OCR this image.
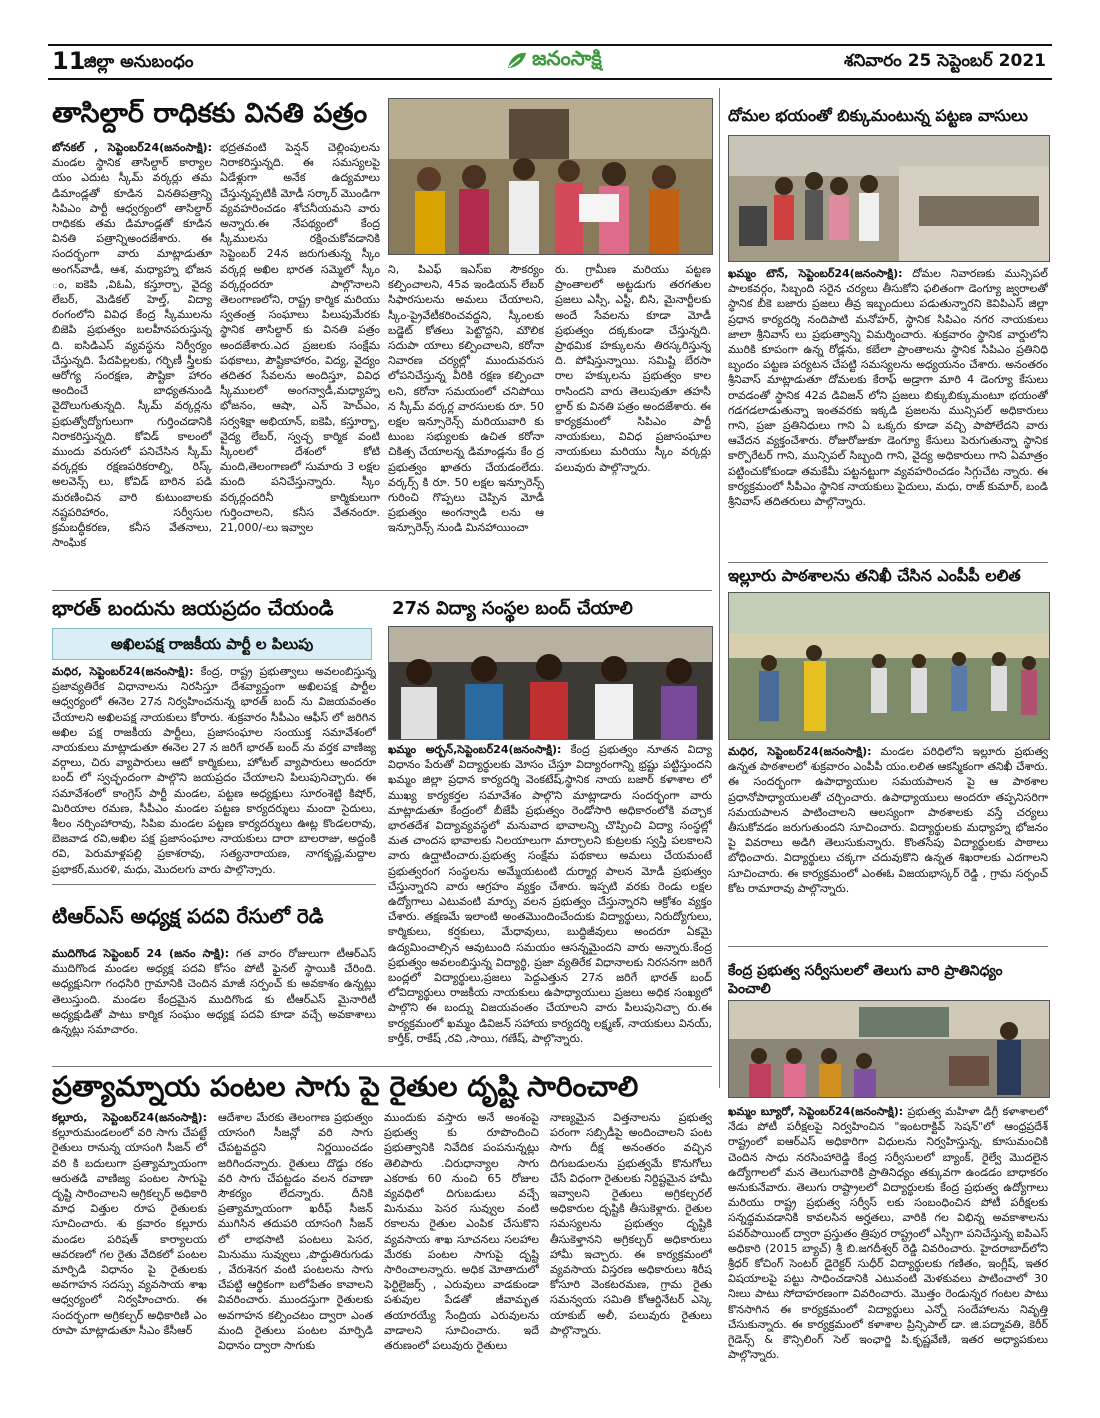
11
జిల్లా అనుబంధం	జనంసాక్షి	శనివారం 25 సెప్టెంబర్ 2021
తాసిల్దార్ రాధికకు వినతి పత్రం
బోనకల్ , సెప్టెంబర్24(జనంసాక్షి): మండల స్థానిక తాసిల్దార్ కార్యాల యం ఎదుట స్కీమ్ వర్కర్లు తమ డిమాండ్లతో కూడిన వినతిపత్రాన్ని సిపిఎం పార్టీ ఆధ్వర్యంలో తాసిల్దార్ రాధికకు తమ డిమాండ్లతో కూడిన వినతి పత్రాన్నిఅందజేశారు. ఈ సందర్భంగా వారు మాట్లాడుతూ అంగన్‌వాడీ, ఆశ, మధ్యాహ్న భోజన ం, ఐకెపి ,విఓఏ, కస్తూర్బా, వైద్య లేబర్, మెడికల్ హెల్త్, విద్యా రంగంలోని వివిధ కేంద్ర స్కీములను బిజెపి ప్రభుత్వం బలహీనపరుస్తున్న ది. ఐసిడిఎస్ వ్యవస్థను నిర్వీర్యం చేస్తున్నది. పేదపిల్లలకు, గర్భిణీ స్త్రీలకు ఆరోగ్య సంరక్షణ, పౌష్టికా హారం అందించే బాధ్యతనుండి వైదొలుగుతున్నది. స్కీమ్ వర్కర్లను ప్రభుత్వోద్యోగులుగా గుర్తించడానికి నిరాకరిస్తున్నది. కోవిడ్ కాలంలో ముందు వరుసలో పనిచేసిన స్కీమ్ వర్కర్లకు రక్షణపరికరాల్ని, రిస్క్ అలవెన్స్ లు, కోవిడ్ బారిన పడి మరణించిన వారి కుటుంబాలకు నష్టపరిహారం, సర్వీసుల క్రమబద్ధీకరణ, కనీస వేతనాలు, సాంఘిక
భద్రతవంటి పెన్షన్ చెల్లింపులను నిరాకరిస్తున్నది. ఈ సమస్యలపై ఏడేళ్లుగా అనేక ఉద్యమాలు చేస్తున్నప్పటికీ మోడీ సర్కార్ మొండిగా వ్యవహరించడం శోచనీయమని వారు అన్నారు.ఈ నేపథ్యంలో కేంద్ర స్కీములను రక్షించుకోవడానికి సెప్టెంబర్ 24న జరుగుతున్న స్కీం వర్కర్ల అఖిల భారత సమ్మెలో స్కీం వర్కర్లందరూ పాల్గొనాలని తెలంగాణలోని, రాష్ట్ర కార్మిక మరియు స్వతంత్ర సంఘాలు పిలుపుమేరకు స్థానిక తాసిల్దార్ కు వినతి పత్రం అందజేశారు.ఎద ప్రజలకు సంక్షేమ పథకాలు, పౌష్టికాహారం, విద్య, వైద్యం తదితర సేవలను అందిస్తూ, వివిధ స్కీములలో అంగన్వాడీ,మధ్యాహ్న భోజనం, ఆషా, ఎన్ హెచ్ఎం, సర్వశిక్షా అభియాన్, ఐకెపి, కస్తూర్బా, వైద్య లేబర్, స్వచ్ఛ కార్మిక వంటి స్కీంలలో దేశంలో కోటి మంది,తెలంగాణలో సుమారు 3 లక్షల మంది పనిచేస్తున్నారు. స్కీం వర్కర్లందరినీ కార్మికులుగా గుర్తించాలని, కనీస వేతనంరూ. 21,000/-లు ఇవ్వాల
ని, పిఎఫ్ ఇఎస్ఐ సౌకర్యం కల్పించాలని, 45వ ఇండియన్ లేబర్ సిఫారసులను అమలు చేయాలని, స్కీం-ప్రైవేటీకరించవద్దని, స్కీంలకు బడ్జెట్ కోతలు పెట్టొద్దని, మౌలిక సదుపా యాలు కల్పించాలని, కరోనా నివారణ చర్యల్లో ముందువరుస లోపనిచేస్తున్న వీరికి రక్షణ కల్పించా లని, కరోనా సమయంలో చనిపోయి న స్కీమ్ వర్కర్ల వారసులకు రూ. 50 లక్షల ఇన్సూరెన్స్ మరియువారి కు టుంబ సభ్యులకు ఉచిత కరోనా చికిత్స చేయాలన్న డిమాండ్లను కేం ద్ర ప్రభుత్వం ఖాతరు చేయడంలేదు. వర్కర్స్ కి రూ. 50 లక్షల ఇన్సూరెన్స్ గురించి గొప్పలు చెప్పిన మోడీ ప్రభుత్వం అంగన్వాడి లను ఆ ఇన్సూరెన్స్ నుండి మినహాయించా
రు. గ్రామీణ మరియు పట్టణ ప్రాంతాలలో అట్టడుగు తరగతుల ప్రజలు ఎస్సీ, ఎస్టీ, బిసి, మైనార్టీలకు అందే సేవలను కూడా మోడీ ప్రభుత్వం దక్కకుండా చేస్తున్నది. ప్రాథమిక హక్కులను తిరస్కరిస్తున్న ది. పోషిస్తున్నాయి. సమిష్టి బేరసా రాల హక్కులను ప్రభుత్వం కాల రాసిందని వారు తెలుపుతూ తహసీ ల్దార్ కు వినతి పత్రం అందజేశారు. ఈ కార్యక్రమంలో సిపిఎం పార్టీ నాయకులు, వివిధ ప్రజాసంఘాల నాయకులు మరియు స్కీం వర్కర్లు పలువురు పాల్గొన్నారు.
దోమల భయంతో బిక్కుమంటున్న పట్టణ వాసులు
ఖమ్మం టౌన్, సెప్టెంబర్24(జనంసాక్షి): దోమల నివారణకు మున్సిపల్ పాలకవర్గం, సిబ్బంది సరైన చర్యలు తీసుకోని ఫలితంగా డెంగ్యూ జ్వరాలతో స్థానిక బీకె బజారు ప్రజలు తీవ్ర ఇబ్బందులు పడుతున్నారని కెవిపిఎస్ జిల్లా ప్రధాన కార్యదర్శి నందిపాటి మనోహర్, స్థానిక సిపిఎం నగర నాయకులు జాలా శ్రీనివాస్ లు ప్రభుత్వాన్ని విమర్శించారు. శుక్రవారం స్థానిక వార్డులోని మురికి కూపంగా ఉన్న రోడ్లను, కబేలా ప్రాంతాలను స్థానిక సిపిఎం ప్రతినిధి బృందం పట్టణ పర్యటన చేపట్టి సమస్యలను అధ్యయనం చేశారు. అనంతరం శ్రీనివాస్ మాట్లాడుతూ దోమలకు కేరాఫ్ అడ్రాగా మారి 4 డెంగ్యూ కేసులు రావడంతో స్థానిక 42వ డివిజన్ లోని ప్రజలు బిక్కుబిక్కుమంటూ భయంతో గడగడలాడుతున్నా ఇంతవరకు ఇక్కడి ప్రజలను మున్సిపల్ అధికారులు గాని, ప్రజా ప్రతినిధులు గాని ఏ ఒక్కరు కూడా వచ్చి పాపోలేదని వారు ఆవేదన వ్యక్తంచేశారు. రోజురోజుకూ డెంగ్యూ కేసులు పెరుగుతున్నా స్థానిక కార్పొరేటర్ గాని, మున్సిపల్ సిబ్బంది గాని, వైద్య అధికారులు గాని ఏమాత్రం పట్టించుకోకుండా తమకేమీ పట్టనట్టుగా వ్యవహరించడం సిగ్గుచేట న్నారు. ఈ కార్యక్రమంలో సీపీఎం స్థానిక నాయకులు పైదులు, మధు, రాజ్ కుమార్, బండి శ్రీనివాస్ తదితరులు పాల్గొన్నారు.
ఇల్లూరు పాఠశాలను తనిఖీ చేసిన ఎంపీపీ లలిత
మధిర, సెప్టెంబర్24(జనంసాక్షి): మండల పరిధిలోని ఇల్లూరు ప్రభుత్వ ఉన్నత పాఠశాలలో శుక్రవారం ఎంపీపీ యం.లలిత ఆకస్మికంగా తనిఖీ చేశారు. ఈ సందర్భంగా ఉపాధ్యాయుల సమయపాలన పై ఆ పాఠశాల ప్రధానోపాధ్యాయులతో చర్చించారు. ఉపాధ్యాయులు అందరూ తప్పనిసరిగా సమయపాలన పాటించాలని ఆలస్యంగా పాఠశాలకు వస్తే చర్యలు తీసుకోవడం జరుగుతుందని సూచించారు. విద్యార్థులకు మధ్యాహ్న భోజనం పై వివరాలు అడిగి తెలుసుకున్నారు. కొంతసేపు విద్యార్థులకు పాఠాలు బోధించారు. విద్యార్థులు చక్కగా చదువుకొని ఉన్నత శిఖరాలకు ఎదగాలని సూచించారు. ఈ కార్యక్రమంలో ఎంఈఓ విజయభాస్కర్ రెడ్డి , గ్రామ సర్పంచ్ కోట రామారావు పాల్గొన్నారు.
కేంద్ర ప్రభుత్వ సర్వీసులలో తెలుగు వారి ప్రాతినిధ్యం పెంచాలి
ఖమ్మం బ్యూరో, సెప్టెంబర్24(జనంసాక్షి): ప్రభుత్వ మహిళా డిగ్రీ కళాశాలలో నేడు పోటీ పరీక్షలపై నిర్వహించిన "ఇంటరాక్టివ్ సెషన్"లో ఆంధ్రప్రదేశ్ రాష్ట్రంలో ఐఆర్ఎస్ అధికారిగా విధులను నిర్వహిస్తున్న, కూసుమంచికి చెందిన సాధు నరసింహారెడ్డి కేంద్ర సర్వీసులలో బ్యాంక్, రైల్వే మొదలైన ఉద్యోగాలలో మన తెలుగువారికి ప్రాతినిధ్యం తక్కువగా ఉండడం బాధాకరం అనుకునేవారు. తెలుగు రాష్ట్రాలలో విద్యార్థులకు కేంద్ర ప్రభుత్వ ఉద్యోగాలు మరియు రాష్ట్ర ప్రభుత్వ సర్వీస్ లకు సంబంధించిన పోటీ పరీక్షలకు సన్నద్ధమవడానికి కావలసిన అర్హతలు, వారికి గల విభిన్న అవకాశాలను పవర్‌పాయింట్ ద్వారా ప్రస్తుతం త్రిపుర రాష్ట్రంలో ఎస్పీగా పనిచేస్తున్న ఐపిఎస్ అధికారి (2015 బ్యాచ్) శ్రీ బి.జగదీశ్వర్ రెడ్డి వివరించారు. హైదరాబాద్‌లోని శ్రీధర్ కోచింగ్ సెంటర్ డైరెక్టర్ సుధీర్ విద్యార్థులకు గణితం, ఇంగ్లీష్, ఇతర విషయాలపై పట్టు సాధించడానికి ఎటువంటి మెళకువలు పాటించాలో 30 నిఃలు పాటు సోదాహరణంగా వివరించారు. మొత్తం రెండున్నర గంటల పాటు కొనసాగిన ఈ కార్యక్రమంలో విద్యార్థులు ఎన్నో సందేహాలను నివృత్తి చేసుకున్నారు. ఈ కార్యక్రమంలో కళాశాల ప్రిన్సిపాల్ డా. జి.పద్మావతి, కెరీర్ గైడెన్స్ & కౌన్సిలింగ్ సెల్ ఇంఛార్జి పి.కృష్ణవేణి, ఇతర అధ్యాపకులు పాల్గొన్నారు.
భారత్ బందును జయప్రదం చేయండి
అఖిలపక్ష రాజకీయ పార్టీ ల పిలుపు
మధిర, సెప్టెంబర్24(జనంసాక్షి): కేంద్ర, రాష్ట్ర ప్రభుత్వాలు అవలంబిస్తున్న ప్రజావ్యతిరేక విధానాలను నిరసిస్తూ దేశవ్యాప్తంగా అఖిలపక్ష పార్టీల ఆధ్వర్యంలో ఈనెల 27న నిర్వహించనున్న భారత్ బంద్ ను విజయవంతం చేయాలని అఖిలపక్ష నాయకులు కోరారు. శుక్రవారం సీపీఎం ఆఫీస్ లో జరిగిన అఖిల పక్ష రాజకీయ పార్టీలు, ప్రజాసంఘాల సంయుక్త సమావేశంలో నాయకులు మాట్లాడుతూ ఈనెల 27 న జరిగే భారత్ బంద్ ను వర్తక వాణిజ్య వర్గాలు, చిరు వ్యాపారులు ఆటో కార్మికులు, హోటల్ వ్యాపారులు అందరూ బంద్ లో స్వచ్ఛందంగా పాల్గొని జయప్రదం చేయాలని పిలుపునిచ్చారు. ఈ సమావేశంలో కాంగ్రెస్ పార్టీ మండల, పట్టణ అధ్యక్షులు సూరంశెట్టి కిషోర్, మిరియాల రమణ, సీపీఎం మండల పట్టణ కార్యదర్శులు మందా సైదులు, శీలం నర్సింహారావు, సిపిఐ మండల పట్టణ కార్యదర్శులు ఊట్ల కొండలరావు, బెజవాడ రవి,అఖిల పక్ష ప్రజాసంఘాల నాయకులు దారా బాలరాజు, అద్దంకి రవి, పెరుమాళ్లపల్లి ప్రకాశరావు, సత్యనారాయణ, నాగకృష్ణ,మద్దాల ప్రభాకర్,మురళి, మధు, మొదలగు వారు పాల్గొన్నారు.
టిఆర్ఎస్ అధ్యక్ష పదవి రేసులో రెడి
ముదిగొండ సెప్టెంబర్ 24 (జనం సాక్షి): గత వారం రోజులుగా టీఆర్ఎస్ ముదిగొండ మండల అధ్యక్ష పదవి కోసం పోటీ ఫైనల్ స్థాయికి చేరింది. అధ్యక్షునిగా గంధసిరి గ్రామానికి చెందిన మాజీ సర్పంచ్ కు అవకాశం ఉన్నట్లు తెలుస్తుంది. మండల కేంద్రమైన ముదిగొండ కు టీఆర్ఎస్ మైనారిటీ అధ్యక్షుడితో పాటు కార్మిక సంఘం అధ్యక్ష పదవి కూడా వచ్చే అవకాశాలు ఉన్నట్లు సమాచారం.
27న విద్యా సంస్థల బంద్ చేయాలి
ఖమ్మం అర్బన్,సెప్టెంబర్24(జనంసాక్షి): కేంద్ర ప్రభుత్వం నూతన విద్యా విధానం పేరుతో విద్యార్థులకు మోసం చేస్తూ విద్యారంగాన్ని భ్రష్టు పట్టిస్తుందని ఖమ్మం జిల్లా ప్రధాన కార్యదర్శి వెంకటేష్,స్థానిక నాయ బజార్ కళాశాల లో ముఖ్య కార్యకర్తల సమావేశం పాల్గొని మాట్లాడారు సందర్భంగా వారు మాట్లాడుతూ కేంద్రంలో బీజేపీ ప్రభుత్వం రెండోసారి అధికారంలోకి వచ్చాక భారతదేశ విద్యావ్యవస్థలో మనువాద భావాలన్ని చొప్పించి విద్యా సంస్థల్లో మత చాందస భావాలకు నిలయాలుగా మార్చాలని కుట్రలకు స్వస్తి పలకాలని వారు ఉద్ఘాటించారు.ప్రభుత్వ సంక్షేమ పథకాలు అమలు చేయమంటే ప్రభుత్వరంగ సంస్థలను అమ్మేయటంటి దుర్మార్గ పాలన మోడీ ప్రభుత్వం చేస్తున్నారని వారు ఆగ్రహం వ్యక్తం చేశారు. ఇప్పటి వరకు రెండు లక్షల ఉద్యోగాలు ఎటువంటి మార్పు వలన ప్రభుత్వం చేస్తున్నారని ఆక్రోశం వ్యక్తం చేశారు. తక్షణమే ఇలాంటి అంతమొందించేందుకు విద్యార్థులు, నిరుద్యోగులు, కార్మికులు, కర్షకులు, మేధావులు, బుద్ధిజీవులు అందరూ ఏకమై ఉద్యమించాల్సిన ఆవుటుంది సమయం ఆసన్నమైందని వారు అన్నారు.కేంద్ర ప్రభుత్వం అవలంబిస్తున్న విద్యార్థి, ప్రజా వ్యతిరేక విధానాలకు నిరసనగా జరిగే బంద్లలో విద్యార్థులు,ప్రజలు పెద్దఎత్తున 27న జరిగే భారత్ బంద్ లోవిద్యార్థులు రాజకీయ నాయకులు ఉపాధ్యాయులు ప్రజలు అధిక సంఖ్యలో పాల్గొని ఈ బంద్ను విజయవంతం చేయాలని వారు పిలుపునిచ్చా రు.ఈ కార్యక్రమంలో ఖమ్మం డివిజన్ సహాయ కార్యదర్శి లక్ష్మణ్, నాయకులు వినయ్, కార్తీక్, రాకేష్ ,రవి ,సాయి, గణేష్, పాల్గొన్నారు.
ప్రత్యామ్నాయ పంటల సాగు పై రైతుల దృష్టి సారించాలి
కల్లూరు, సెప్టెంబర్24(జనంసాక్షి): కల్లూరుమండలంలో వరి సాగు చేపట్టే రైతులు రానున్న యాసంగి సీజన్ లో వరి కి బదులుగా ప్రత్యామ్నాయంగా ఆరుతడి వాణిజ్య పంటల సాగుపై దృష్టి సారించాలని అగ్రికల్చర్ అధికారి మాధ విత్తుల రూప రైతులకు సూచించారు. శు క్రవారం కల్లూరు మండల పరిషత్ కార్యాలయ ఆవరణలో గల రైతు వేదికలో పంటల మార్పిడి విధానం పై రైతులకు అవగాహన సదస్సు వ్యవసాయ శాఖ ఆధ్వర్యంలో నిర్వహించారు. ఈ సందర్భంగా అగ్రికల్చర్ అధికారిణి ఎం రూపా మాట్లాడుతూ సీఎం కేసీఆర్
ఆదేశాల మేరకు తెలంగాణ ప్రభుత్వం యాసంగి సీజన్లో వరి సాగు చేపట్టవద్దని నిర్ణయించడం జరిగిందన్నారు. రైతులు దొడ్డు రకం వరి సాగు చేపట్టడం వలన రవాణా సౌకర్యం లేదన్నారు. దీనికి ప్రత్యామ్నాయంగా ఖరీఫ్ సీజన్ ముగిసిన తదుపరి యాసంగి సీజన్ లో లాభసాటి పంటలు పెసర, మినుము సువ్వులు ,పొద్దుతిరుగుడు , వేరుశెనగ వంటి పంటలను సాగు చేపట్టి ఆర్థికంగా బలోపేతం కావాలని వివరించారు. ముందస్తుగా రైతులకు అవగాహన కల్పించటం ద్వారా ఎంత మంది రైతులు పంటల మార్పిడి విధానం ద్వారా సాగుకు
ముందుకు వస్తారు అనే అంశంపై ప్రభుత్వ కు రూపొందించి ప్రభుత్వానికి నివేదిక పంపనున్నట్లు తెలిపారు .చిరుధాన్యాల సాగు ఎకరాకు 60 నుంచి 65 రోజుల వ్యవధిలో దిగుబడులు వచ్చే మినుము పెసర సువ్వుల వంటి రకాలను రైతుల ఎంపిక చేసుకొని వ్యవసాయ శాఖ సూచనలు సలహాల మేరకు పంటల సాగుపై దృష్టి సారించాలన్నారు. అధిక మోతాదులో ఫెర్టిలైజర్స్ , ఎరువులు వాడకుండా పశువుల పేడతో జీవామృత తయారయ్యే సేంద్రియ ఎరువులను వాడాలని సూచించారు. ఇదే తరుణంలో పలువురు రైతులు
నాణ్యమైన విత్తనాలను ప్రభుత్వ పరంగా సబ్సిడీపై అందించాలని పంట సాగు దీక్ష అనంతరం వచ్చిన దిగుబడులను ప్రభుత్వమే కొనుగోలు చేసే విధంగా రైతులకు నిర్దిష్టమైన హామీ ఇవ్వాలని రైతులు అగ్రికల్చరల్ అధికారుల దృష్టికి తీసుకెళ్లారు. రైతుల సమస్యలను ప్రభుత్వం దృష్టికి తీసుకెళ్తానని అగ్రికల్చర్ అధికారులు హామీ ఇచ్చారు. ఈ కార్యక్రమంలో వ్యవసాయ విస్తరణ అధికారులు శిరీష కోసూరి వెంకటరమణ, గ్రామ రైతు సమన్వయ సమితి కోఆర్డినేటర్ ఎస్కె యాకుబ్ అలీ, పలువురు రైతులు పాల్గొన్నారు.
